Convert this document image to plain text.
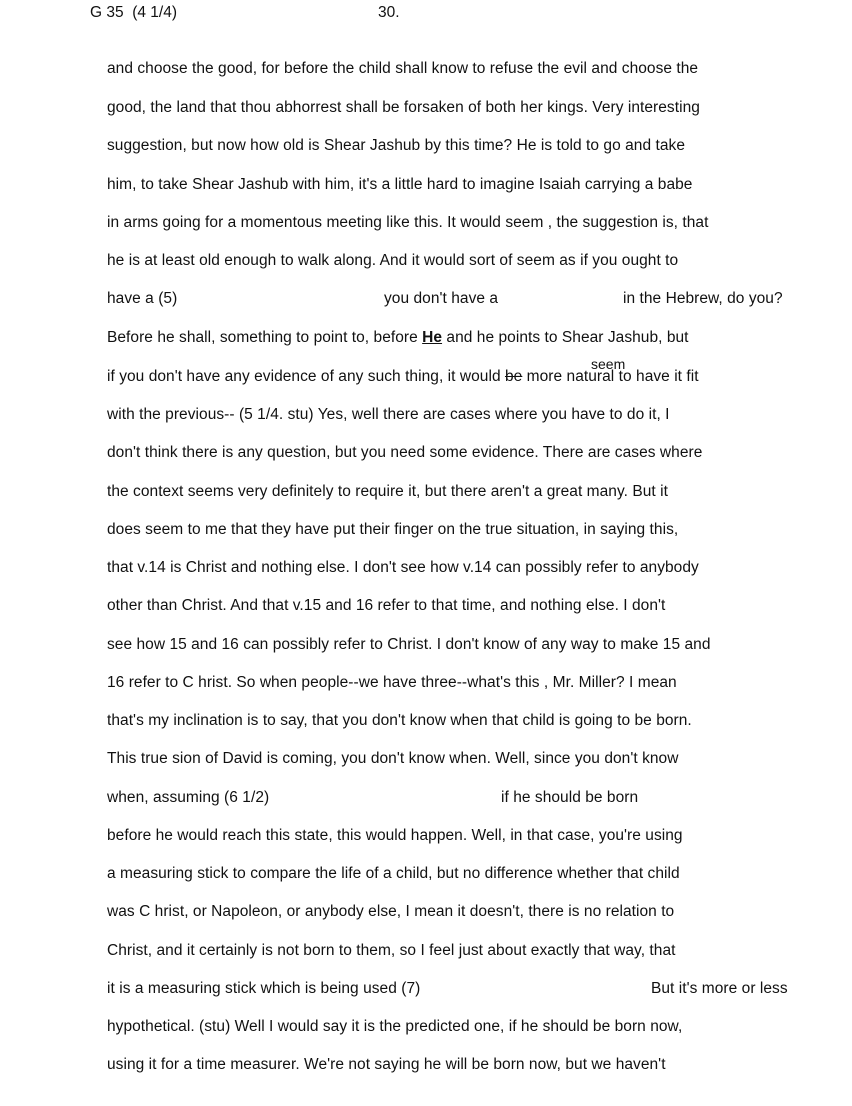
G 35  (4 1/4)	30.
and choose the good, for before the child shall know to refuse the evil and choose the
good, the land that thou abhorrest shall be forsaken of both her kings. Very interesting
suggestion, but now how old is Shear Jashub by this time? He is told to go and take
him, to take Shear Jashub with him, it's a little hard to imagine Isaiah carrying a babe
in arms going for a momentous meeting like this. It would seem , the suggestion is, that
he is at least old enough to walk along. And it would sort of seem as if you ought to
have a (5)	you don't have a	in the Hebrew, do you?
Before he shall, something to point to, before He and he points to Shear Jashub, but
seem
if you don't have any evidence of any such thing, it would be more natural to have it fit
with the previous-- (5 1/4. stu) Yes, well there are cases where you have to do it, I
don't think there is any question, but you need some evidence. There are cases where
the context seems very definitely to require it, but there aren't a great many. But it
does seem to me that they have put their finger on the true situation, in saying this,
that v.14 is Christ and nothing else. I don't see how v.14 can possibly refer to anybody
other than Christ. And that v.15 and 16 refer to that time, and nothing else. I don't
see how 15 and 16 can possibly refer to Christ. I don't know of any way to make 15 and
16 refer to C hrist. So when people--we have three--what's this , Mr. Miller? I mean
that's my inclination is to say, that you don't know when that child is going to be born.
This true sion of David is coming, you don't know when. Well, since you don't know
when, assuming (6 1/2)	if he should be born
before he would reach this state, this would happen. Well, in that case, you're using
a measuring stick to compare the life of a child, but no difference whether that child
was C hrist, or Napoleon, or anybody else, I mean it doesn't, there is no relation to
Christ, and it certainly is not born to them, so I feel just about exactly that way, that
it is a measuring stick which is being used (7)	But it's more or less
hypothetical. (stu) Well I would say it is the predicted one, if he should be born now,
using it for a time measurer. We're not saying he will be born now, but we haven't
